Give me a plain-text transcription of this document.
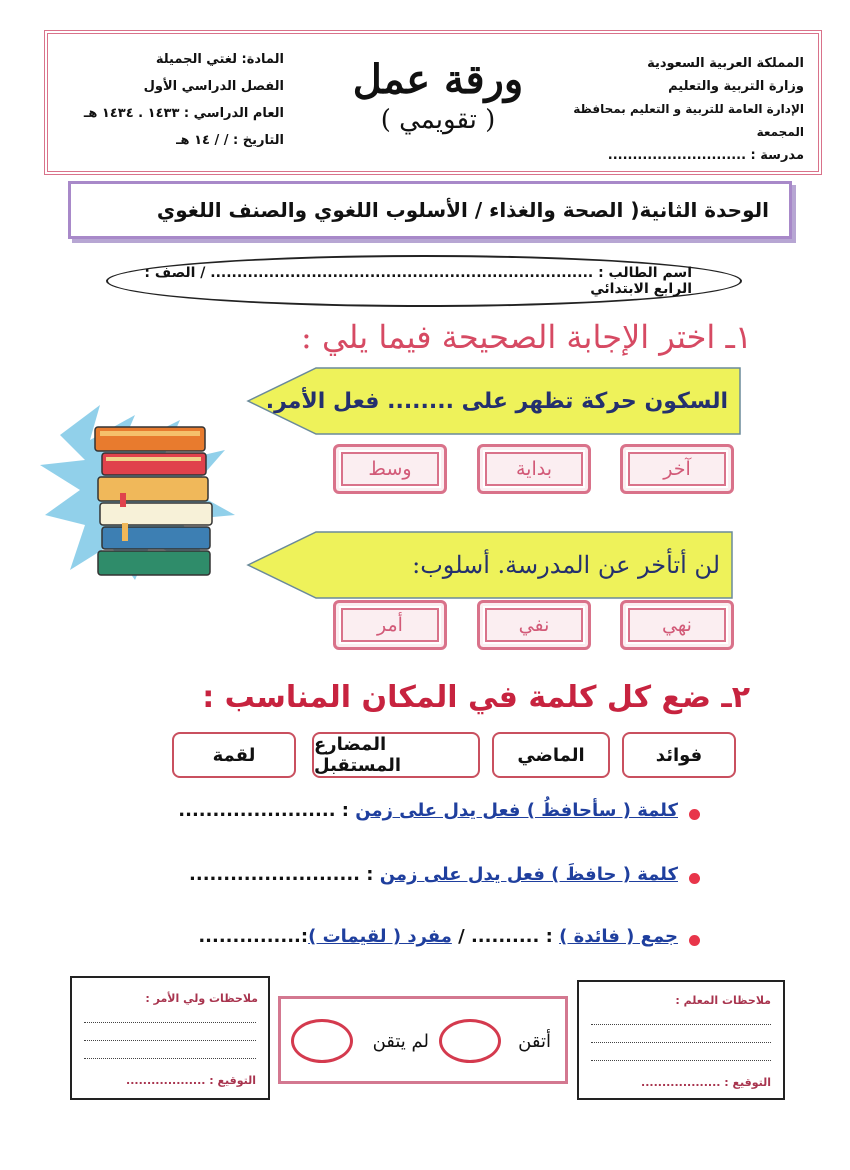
المملكة العربية السعودية
وزارة التربية والتعليم
الإدارة العامة للتربية و التعليم بمحافظة المجمعة
مدرسة : ............................
ورقة عمل
( تقويمي )
المادة: لغتي الجميلة
الفصل الدراسي الأول
العام الدراسي : ١٤٣٣ . ١٤٣٤ هـ
التاريخ : / / ١٤ هـ
الوحدة الثانية( الصحة والغذاء / الأسلوب اللغوي والصنف اللغوي
اسم الطالب : ........................................................................ / الصف : الرابع الابتدائي
١ـ اختر الإجابة الصحيحة فيما يلي :
السكون حركة تظهر على ........ فعل الأمر.
آخر
بداية
وسط
لن أتأخر عن المدرسة. أسلوب:
نهي
نفي
أمر
٢ـ ضع كل كلمة في المكان المناسب :
فوائد
الماضي
المضارع المستقبل
لقمة
كلمة ( سأحافظُ ) فعل يدل على زمن : .......................
كلمة ( حافظَ ) فعل يدل على زمن : .........................
جمع ( فائدة ) : .......... / مفرد ( لقيمات ):...............
ملاحظات ولي الأمر :
التوقيع : ...................
أتقن
لم يتقن
ملاحظات المعلم :
التوقيع : ...................
